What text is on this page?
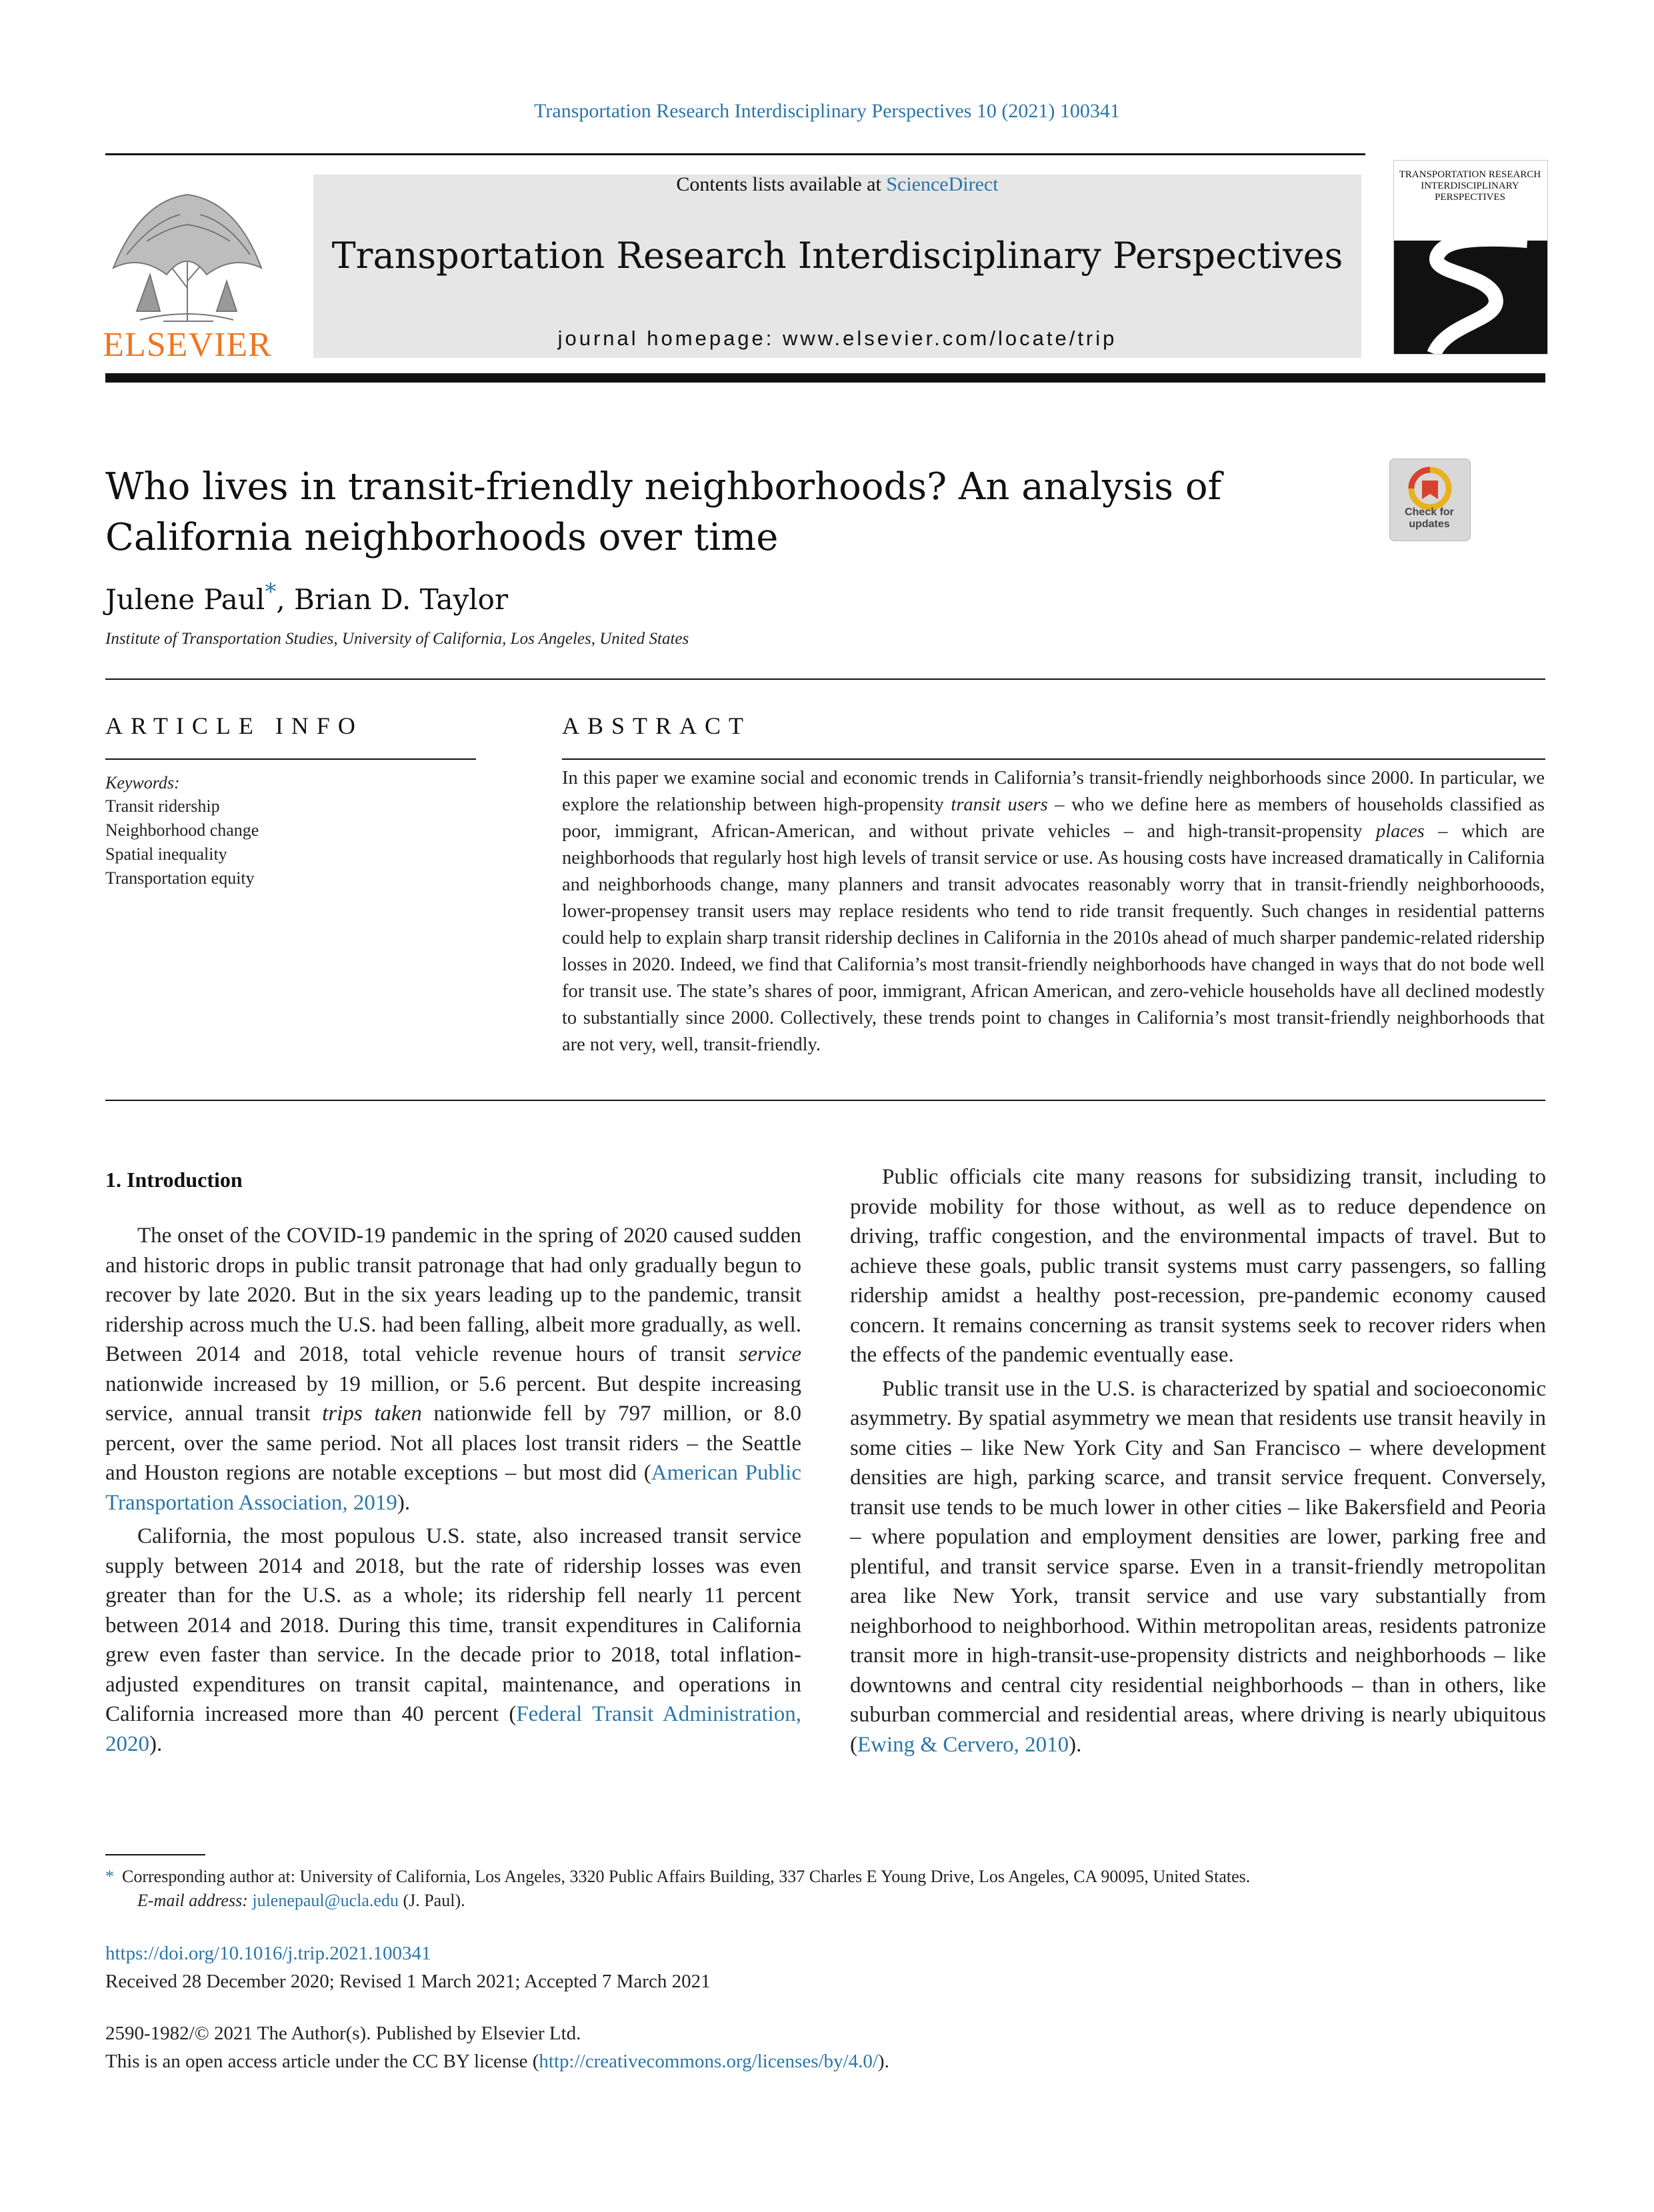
Transportation Research Interdisciplinary Perspectives 10 (2021) 100341
ELSEVIER
Contents lists available at ScienceDirect
Transportation Research Interdisciplinary Perspectives
journal homepage: www.elsevier.com/locate/trip
TRANSPORTATION RESEARCH INTERDISCIPLINARY PERSPECTIVES
Who lives in transit-friendly neighborhoods? An analysis of California neighborhoods over time
Check for updates
Julene Paul*, Brian D. Taylor
Institute of Transportation Studies, University of California, Los Angeles, United States
ARTICLE INFO
Keywords:
Transit ridership
Neighborhood change
Spatial inequality
Transportation equity
ABSTRACT
In this paper we examine social and economic trends in California’s transit-friendly neighborhoods since 2000. In particular, we explore the relationship between high-propensity transit users – who we define here as members of households classified as poor, immigrant, African-American, and without private vehicles – and high-transit-propensity places – which are neighborhoods that regularly host high levels of transit service or use. As housing costs have increased dramatically in California and neighborhoods change, many planners and transit advocates reasonably worry that in transit-friendly neighborhooods, lower-propensey transit users may replace residents who tend to ride transit frequently. Such changes in residential patterns could help to explain sharp transit ridership declines in California in the 2010s ahead of much sharper pandemic-related ridership losses in 2020. Indeed, we find that California’s most transit-friendly neighborhoods have changed in ways that do not bode well for transit use. The state’s shares of poor, immigrant, African American, and zero-vehicle households have all declined modestly to substantially since 2000. Collectively, these trends point to changes in California’s most transit-friendly neighborhoods that are not very, well, transit-friendly.
1. Introduction

The onset of the COVID-19 pandemic in the spring of 2020 caused sudden and historic drops in public transit patronage that had only gradually begun to recover by late 2020. But in the six years leading up to the pandemic, transit ridership across much the U.S. had been falling, albeit more gradually, as well. Between 2014 and 2018, total vehicle revenue hours of transit service nationwide increased by 19 million, or 5.6 percent. But despite increasing service, annual transit trips taken nationwide fell by 797 million, or 8.0 percent, over the same period. Not all places lost transit riders – the Seattle and Houston regions are notable exceptions – but most did (American Public Transportation Association, 2019).

California, the most populous U.S. state, also increased transit service supply between 2014 and 2018, but the rate of ridership losses was even greater than for the U.S. as a whole; its ridership fell nearly 11 percent between 2014 and 2018. During this time, transit expenditures in California grew even faster than service. In the decade prior to 2018, total inflation-adjusted expenditures on transit capital, maintenance, and operations in California increased more than 40 percent (Federal Transit Administration, 2020).

Public officials cite many reasons for subsidizing transit, including to provide mobility for those without, as well as to reduce dependence on driving, traffic congestion, and the environmental impacts of travel. But to achieve these goals, public transit systems must carry passengers, so falling ridership amidst a healthy post-recession, pre-pandemic economy caused concern. It remains concerning as transit systems seek to recover riders when the effects of the pandemic eventually ease.

Public transit use in the U.S. is characterized by spatial and socioeconomic asymmetry. By spatial asymmetry we mean that residents use transit heavily in some cities – like New York City and San Francisco – where development densities are high, parking scarce, and transit service frequent. Conversely, transit use tends to be much lower in other cities – like Bakersfield and Peoria – where population and employment densities are lower, parking free and plentiful, and transit service sparse. Even in a transit-friendly metropolitan area like New York, transit service and use vary substantially from neighborhood to neighborhood. Within metropolitan areas, residents patronize transit more in high-transit-use-propensity districts and neighborhoods – like downtowns and central city residential neighborhoods – than in others, like suburban commercial and residential areas, where driving is nearly ubiquitous (Ewing & Cervero, 2010).

* Corresponding author at: University of California, Los Angeles, 3320 Public Affairs Building, 337 Charles E Young Drive, Los Angeles, CA 90095, United States.
E-mail address: julenepaul@ucla.edu (J. Paul).
https://doi.org/10.1016/j.trip.2021.100341
Received 28 December 2020; Revised 1 March 2021; Accepted 7 March 2021
2590-1982/© 2021 The Author(s). Published by Elsevier Ltd.
This is an open access article under the CC BY license (http://creativecommons.org/licenses/by/4.0/).
